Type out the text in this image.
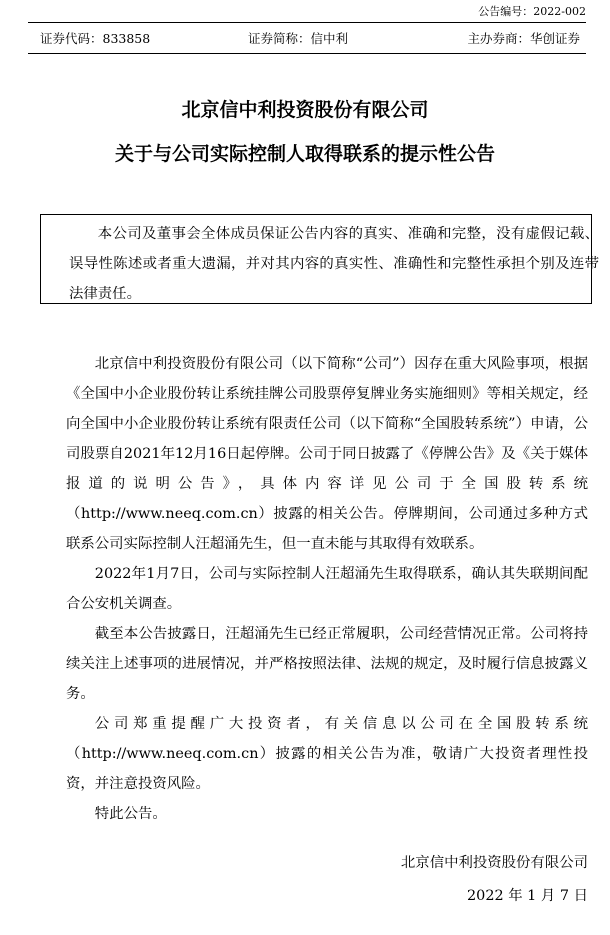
公告编号：2022-002
证券代码：833858	证券简称：信中利	主办券商：华创证券
北京信中利投资股份有限公司
关于与公司实际控制人取得联系的提示性公告

本公司及董事会全体成员保证公告内容的真实、准确和完整，没有虚假记载、误导性陈述或者重大遗漏，并对其内容的真实性、准确性和完整性承担个别及连带法律责任。

北京信中利投资股份有限公司（以下简称“公司”）因存在重大风险事项，根据《全国中小企业股份转让系统挂牌公司股票停复牌业务实施细则》等相关规定，经向全国中小企业股份转让系统有限责任公司（以下简称“全国股转系统”）申请，公司股票自2021年12月16日起停牌。公司于同日披露了《停牌公告》及《关于媒体报道的说明公告》，具体内容详见公司于全国股转系统（http://www.neeq.com.cn）披露的相关公告。停牌期间，公司通过多种方式联系公司实际控制人汪超涌先生，但一直未能与其取得有效联系。

2022年1月7日，公司与实际控制人汪超涌先生取得联系，确认其失联期间配合公安机关调查。

截至本公告披露日，汪超涌先生已经正常履职，公司经营情况正常。公司将持续关注上述事项的进展情况，并严格按照法律、法规的规定，及时履行信息披露义务。

公司郑重提醒广大投资者，有关信息以公司在全国股转系统（http://www.neeq.com.cn）披露的相关公告为准，敬请广大投资者理性投资，并注意投资风险。

特此公告。

北京信中利投资股份有限公司
2022 年 1 月 7 日
